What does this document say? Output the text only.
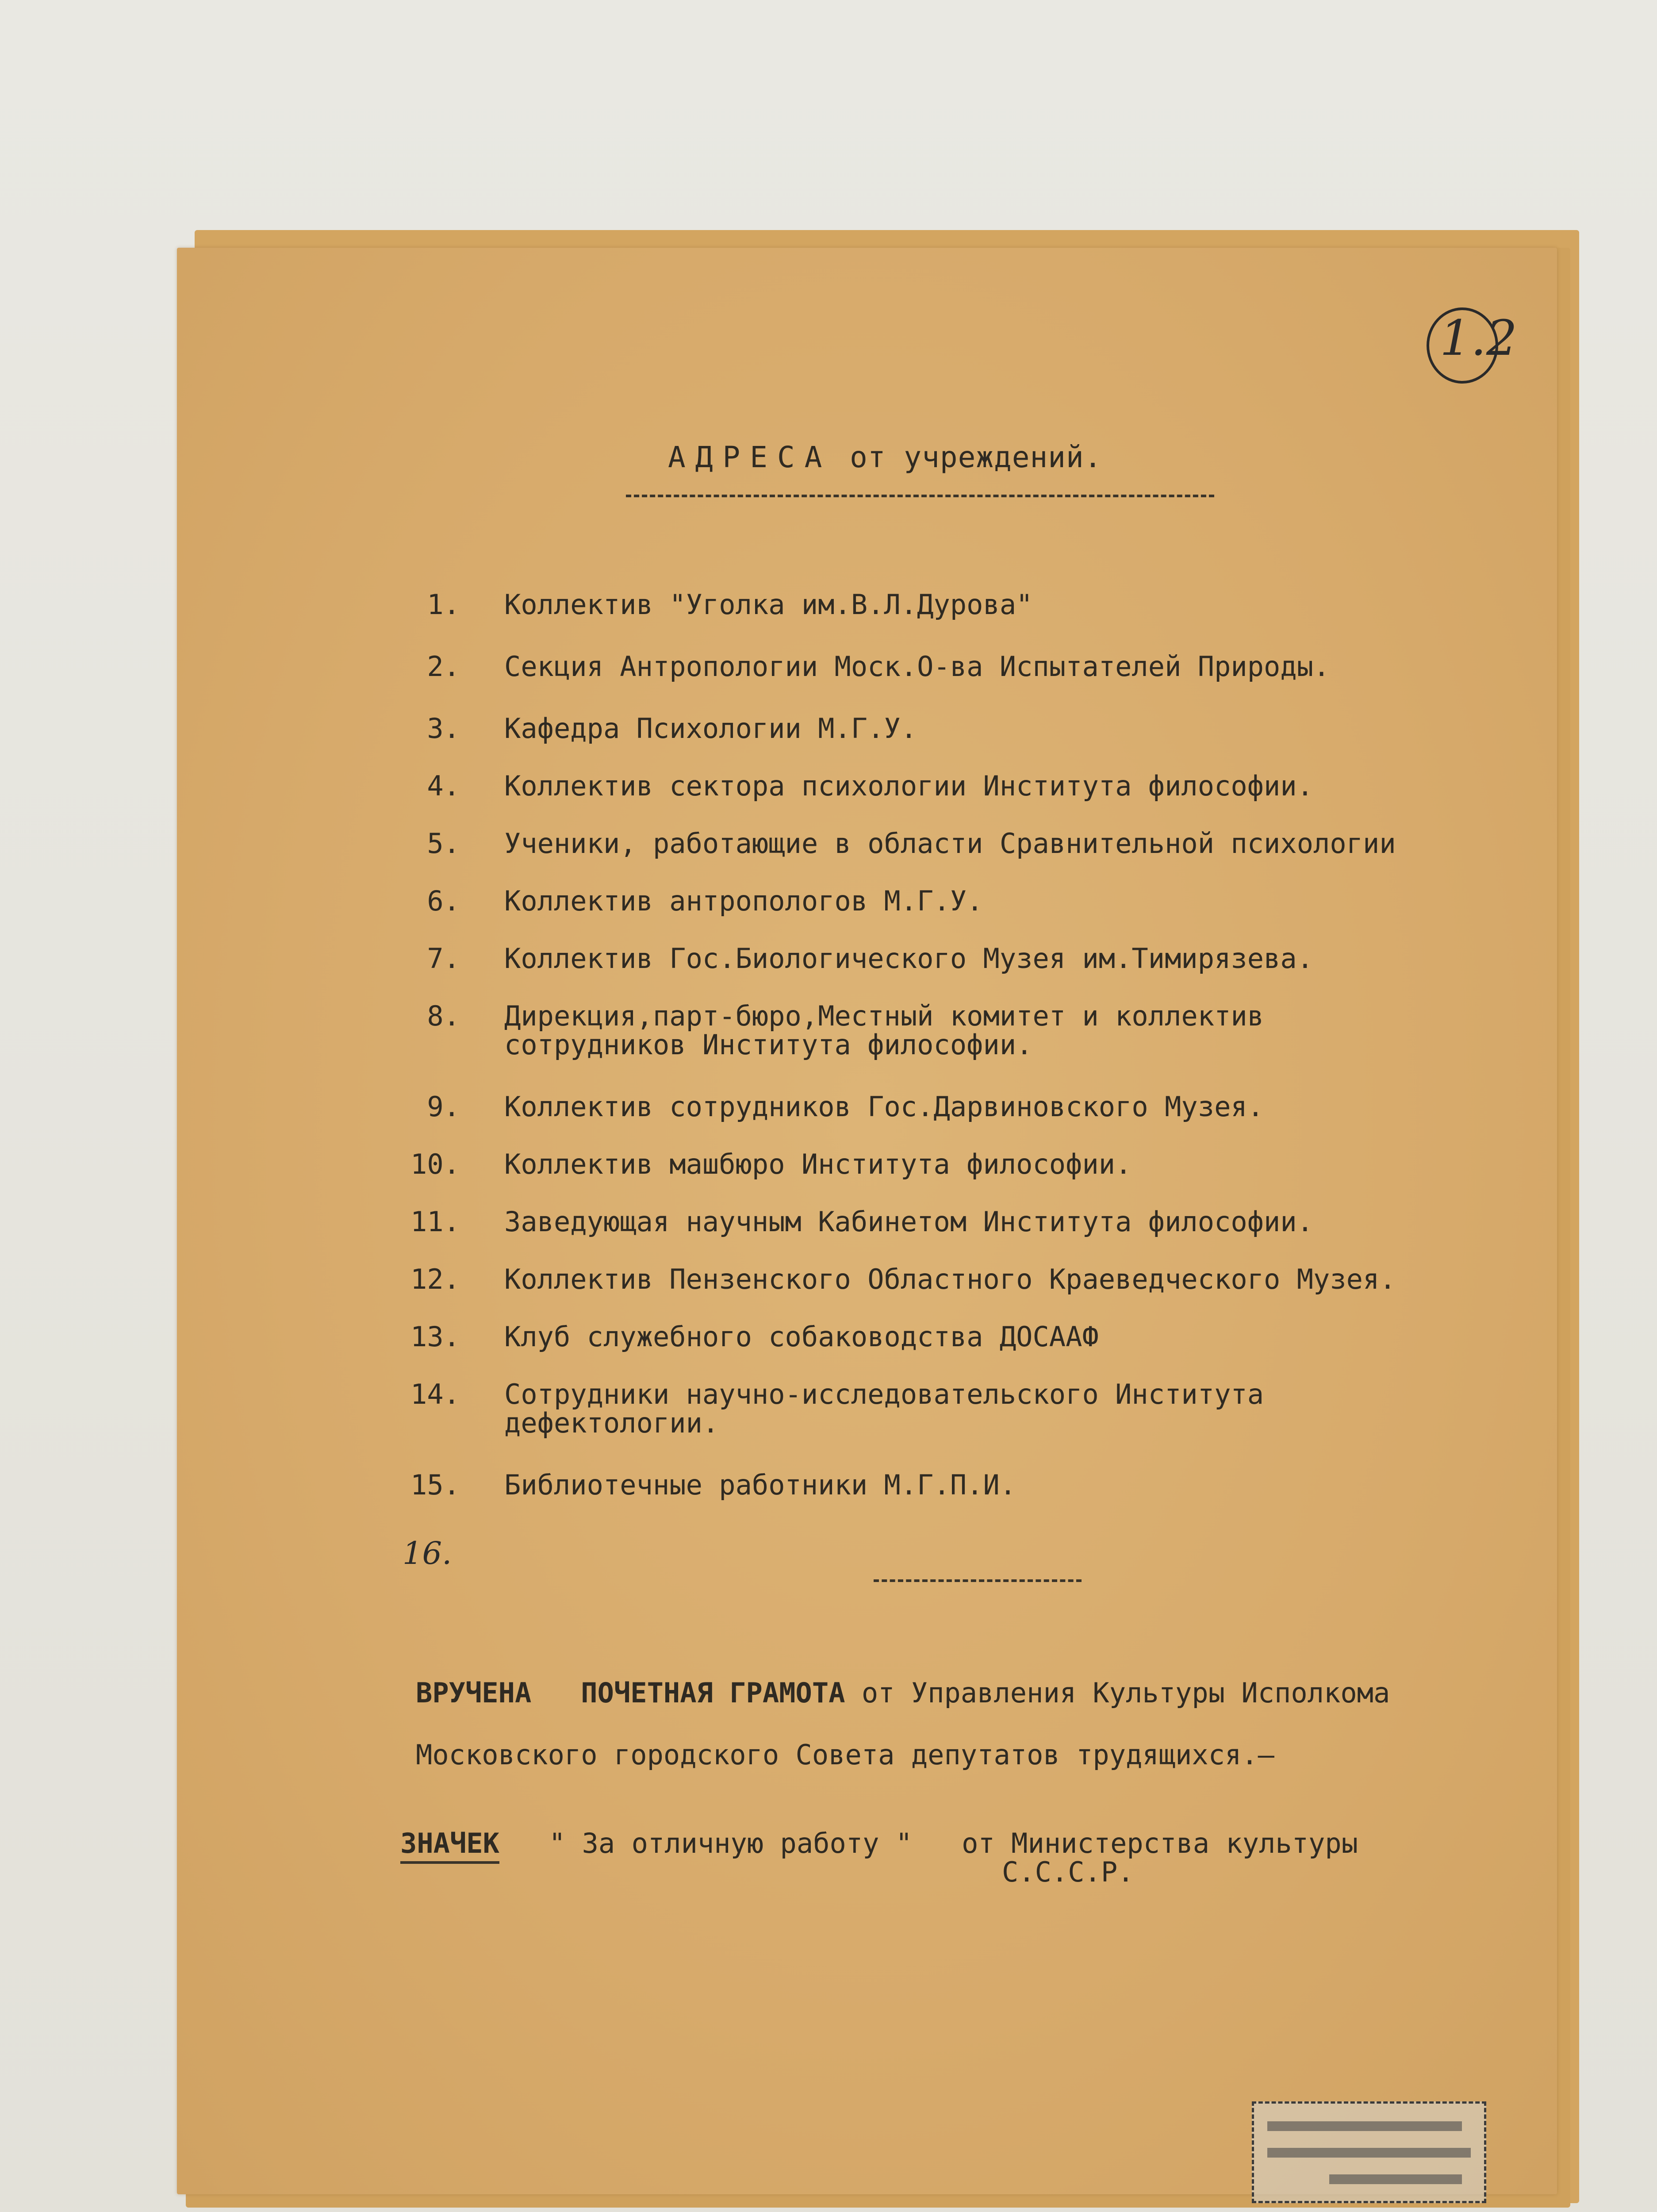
1.2
АДРЕСА от учреждений.
1. Коллектив "Уголка им.В.Л.Дурова"
2. Секция Антропологии Моск.О-ва Испытателей Природы.
3. Кафедра Психологии М.Г.У.
4. Коллектив сектора психологии Института философии.
5. Ученики, работающие в области Сравнительной психологии
6. Коллектив антропологов М.Г.У.
7. Коллектив Гос.Биологического Музея им.Тимирязева.
8. Дирекция,парт-бюро,Местный комитет и коллектив
сотрудников Института философии.
9. Коллектив сотрудников Гос.Дарвиновского Музея.
10. Коллектив машбюро Института философии.
11. Заведующая научным Кабинетом Института философии.
12. Коллектив Пензенского Областного Краеведческого Музея.
13. Клуб служебного собаководства ДОСААФ
14. Сотрудники научно-исследовательского Института
дефектологии.
15. Библиотечные работники М.Г.П.И.
16.
ВРУЧЕНА ПОЧЕТНАЯ ГРАМОТА от Управления Культуры Исполкома
Московского городского Совета депутатов трудящихся.—
ЗНАЧЕК " За отличную работу " от Министерства культуры
С.С.С.Р.
